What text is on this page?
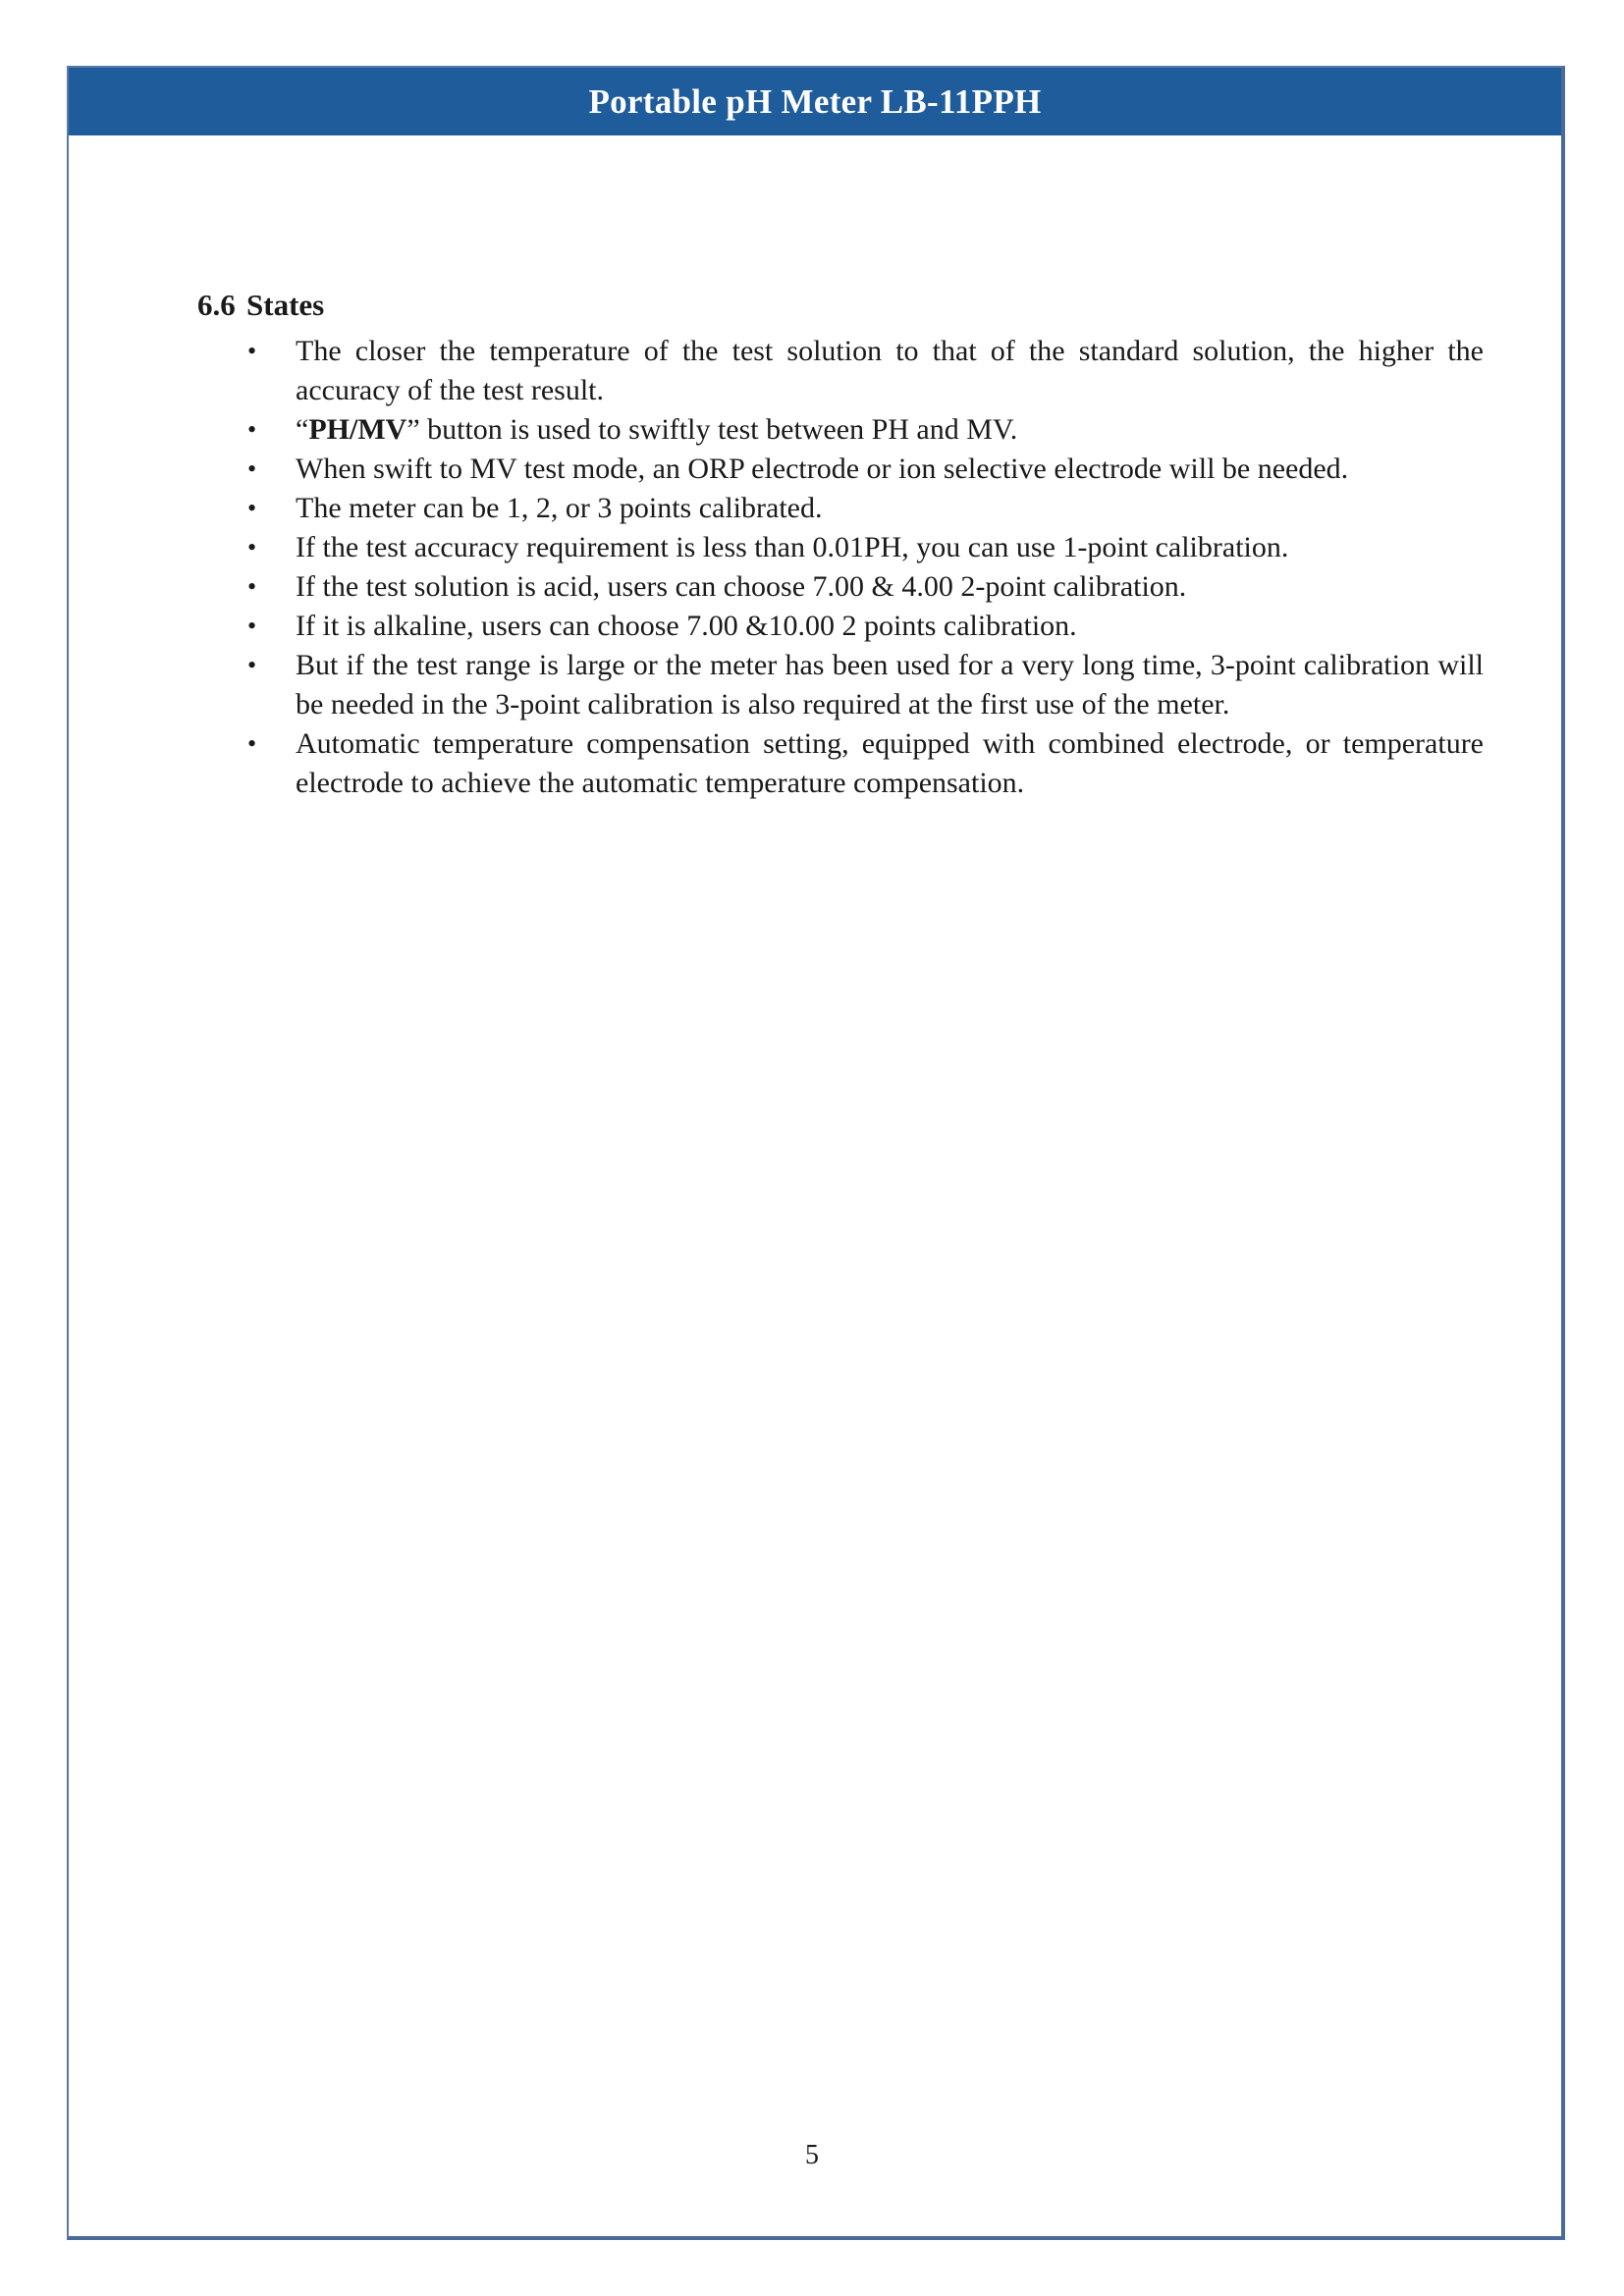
Portable pH Meter LB-11PPH
6.6 States
• The closer the temperature of the test solution to that of the standard solution, the higher the accuracy of the test result.
• “PH/MV” button is used to swiftly test between PH and MV.
• When swift to MV test mode, an ORP electrode or ion selective electrode will be needed.
• The meter can be 1, 2, or 3 points calibrated.
• If the test accuracy requirement is less than 0.01PH, you can use 1-point calibration.
• If the test solution is acid, users can choose 7.00 & 4.00 2-point calibration.
• If it is alkaline, users can choose 7.00 &10.00 2 points calibration.
• But if the test range is large or the meter has been used for a very long time, 3-point calibration will be needed in the 3-point calibration is also required at the first use of the meter.
• Automatic temperature compensation setting, equipped with combined electrode, or temperature electrode to achieve the automatic temperature compensation.
5
